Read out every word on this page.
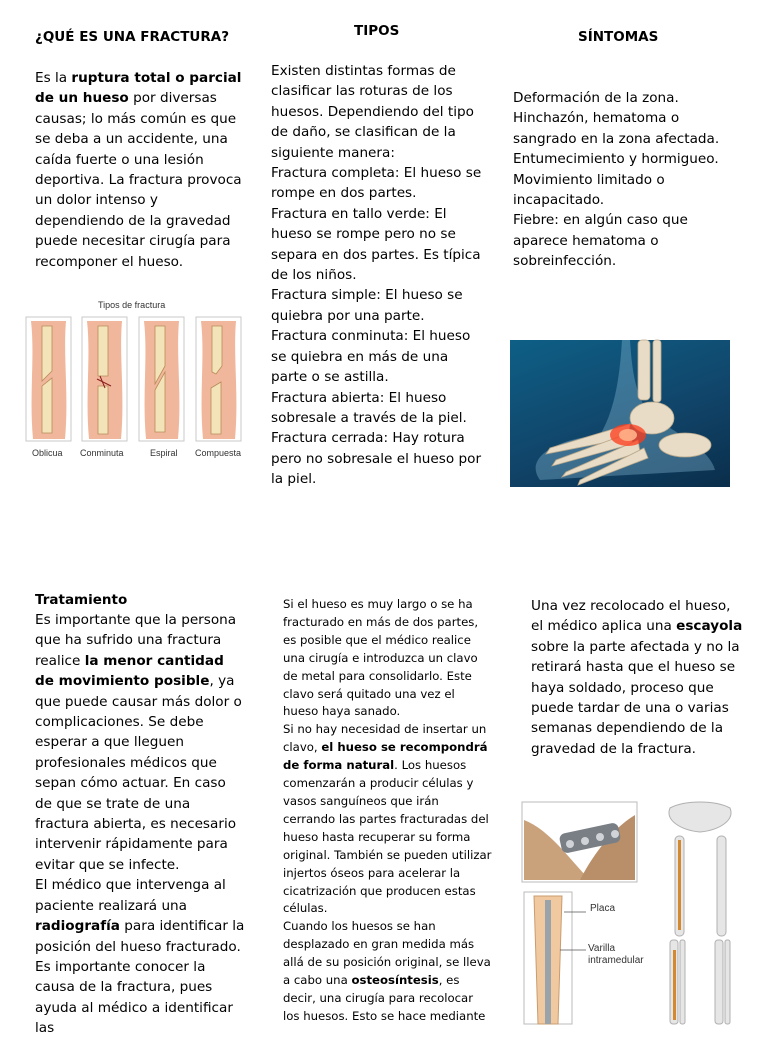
¿QUÉ ES UNA FRACTURA?
Es la ruptura total o parcial de un hueso por diversas causas; lo más común es que se deba a un accidente, una caída fuerte o una lesión deportiva. La fractura provoca un dolor intenso y dependiendo de la gravedad puede necesitar cirugía para recomponer el hueso.
Tipos de fractura
Oblicua Conminuta	Espiral Compuesta
TIPOS
Existen distintas formas de clasificar las roturas de los huesos. Dependiendo del tipo de daño, se clasifican de la siguiente manera:
Fractura completa: El hueso se rompe en dos partes.
Fractura en tallo verde: El hueso se rompe pero no se separa en dos partes. Es típica de los niños.
Fractura simple: El hueso se quiebra por una parte.
Fractura conminuta: El hueso se quiebra en más de una parte o se astilla.
Fractura abierta: El hueso sobresale a través de la piel.
Fractura cerrada: Hay rotura pero no sobresale el hueso por la piel.
SÍNTOMAS
Deformación de la zona.
Hinchazón, hematoma o sangrado en la zona afectada.
Entumecimiento y hormigueo.
Movimiento limitado o incapacitado.
Fiebre: en algún caso que aparece hematoma o sobreinfección.
Tratamiento
Es importante que la persona que ha sufrido una fractura realice la menor cantidad de movimiento posible, ya que puede causar más dolor o complicaciones. Se debe esperar a que lleguen profesionales médicos que sepan cómo actuar. En caso de que se trate de una fractura abierta, es necesario intervenir rápidamente para evitar que se infecte.
El médico que intervenga al paciente realizará una radiografía para identificar la posición del hueso fracturado. Es importante conocer la causa de la fractura, pues ayuda al médico a identificar las
Si el hueso es muy largo o se ha fracturado en más de dos partes, es posible que el médico realice una cirugía e introduzca un clavo de metal para consolidarlo. Este clavo será quitado una vez el hueso haya sanado.
Si no hay necesidad de insertar un clavo, el hueso se recompondrá de forma natural. Los huesos comenzarán a producir células y vasos sanguíneos que irán cerrando las partes fracturadas del hueso hasta recuperar su forma original. También se pueden utilizar injertos óseos para acelerar la cicatrización que producen estas células.
Cuando los huesos se han desplazado en gran medida más allá de su posición original, se lleva a cabo una osteosíntesis, es decir, una cirugía para recolocar los huesos. Esto se hace mediante
Una vez recolocado el hueso, el médico aplica una escayola sobre la parte afectada y no la retirará hasta que el hueso se haya soldado, proceso que puede tardar de una o varias semanas dependiendo de la gravedad de la fractura.
Placa
Varilla intramedular
